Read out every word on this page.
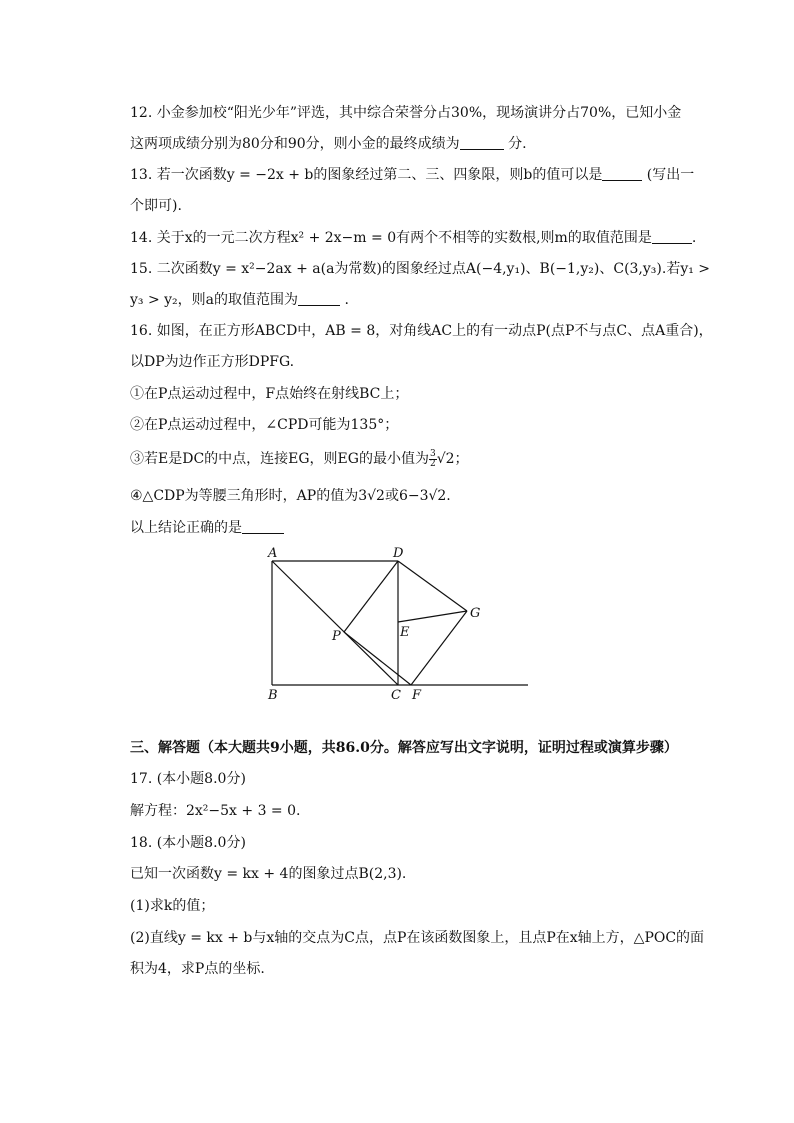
12. 小金参加校“阳光少年”评选，其中综合荣誉分占30%，现场演讲分占70%，已知小金
这两项成绩分别为80分和90分，则小金的最终成绩为	分.
13. 若一次函数y = −2x + b的图象经过第二、三、四象限，则b的值可以是	(写出一
个即可).
14. 关于x的一元二次方程x² + 2x−m = 0有两个不相等的实数根,则m的取值范围是	.
15. 二次函数y = x²−2ax + a(a为常数)的图象经过点A(−4,y₁)、B(−1,y₂)、C(3,y₃).若y₁ >
y₃ > y₂，则a的取值范围为	.
16. 如图，在正方形ABCD中，AB = 8，对角线AC上的有一动点P(点P不与点C、点A重合)，
以DP为边作正方形DPFG.
①在P点运动过程中，F点始终在射线BC上；
②在P点运动过程中，∠CPD可能为135°；
③若E是DC的中点，连接EG，则EG的最小值为 $\frac{3}{2} √2$；
④△CDP为等腰三角形时，AP的值为3√2或6−3√2.
以上结论正确的是
A
B	C
D
E
F
G
P
三、解答题（本大题共9小题，共86.0分。解答应写出文字说明，证明过程或演算步骤）
17. (本小题8.0分)
解方程：2x²−5x + 3 = 0.
18. (本小题8.0分)
已知一次函数y = kx + 4的图象过点B(2,3).
(1)求k的值；
(2)直线y = kx + b与x轴的交点为C点，点P在该函数图象上，且点P在x轴上方，△POC的面
积为4，求P点的坐标.
